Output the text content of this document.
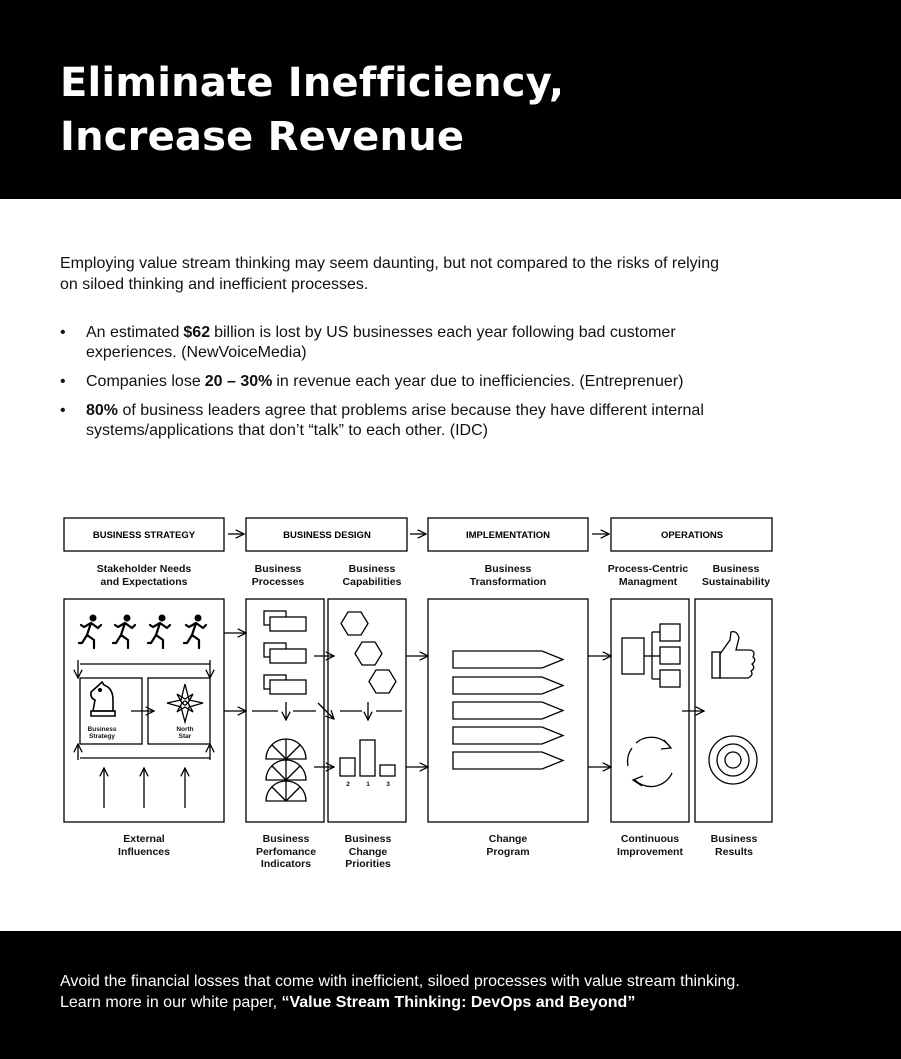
Eliminate Inefficiency,
Increase Revenue

Employing value stream thinking may seem daunting, but not compared to the risks of relying on siloed thinking and inefficient processes.

• An estimated $62 billion is lost by US businesses each year following bad customer experiences. (NewVoiceMedia)
• Companies lose 20 – 30% in revenue each year due to inefficiencies. (Entreprenuer)
• 80% of business leaders agree that problems arise because they have different internal systems/applications that don’t “talk” to each other. (IDC)
BUSINESS STRATEGY	BUSINESS DESIGN	IMPLEMENTATION	OPERATIONS
Stakeholder Needs
and Expectations
Business
Processes
Business
Capabilities
Business
Transformation
Process-Centric
Managment
Business
Sustainability
Business
Strategy
North
Star
2	1	3
External
Influences
Business
Perfomance
Indicators
Business
Change
Priorities
Change
Program
Continuous
Improvement
Business
Results

Avoid the financial losses that come with inefficient, siloed processes with value stream thinking.
Learn more in our white paper, “Value Stream Thinking: DevOps and Beyond”
